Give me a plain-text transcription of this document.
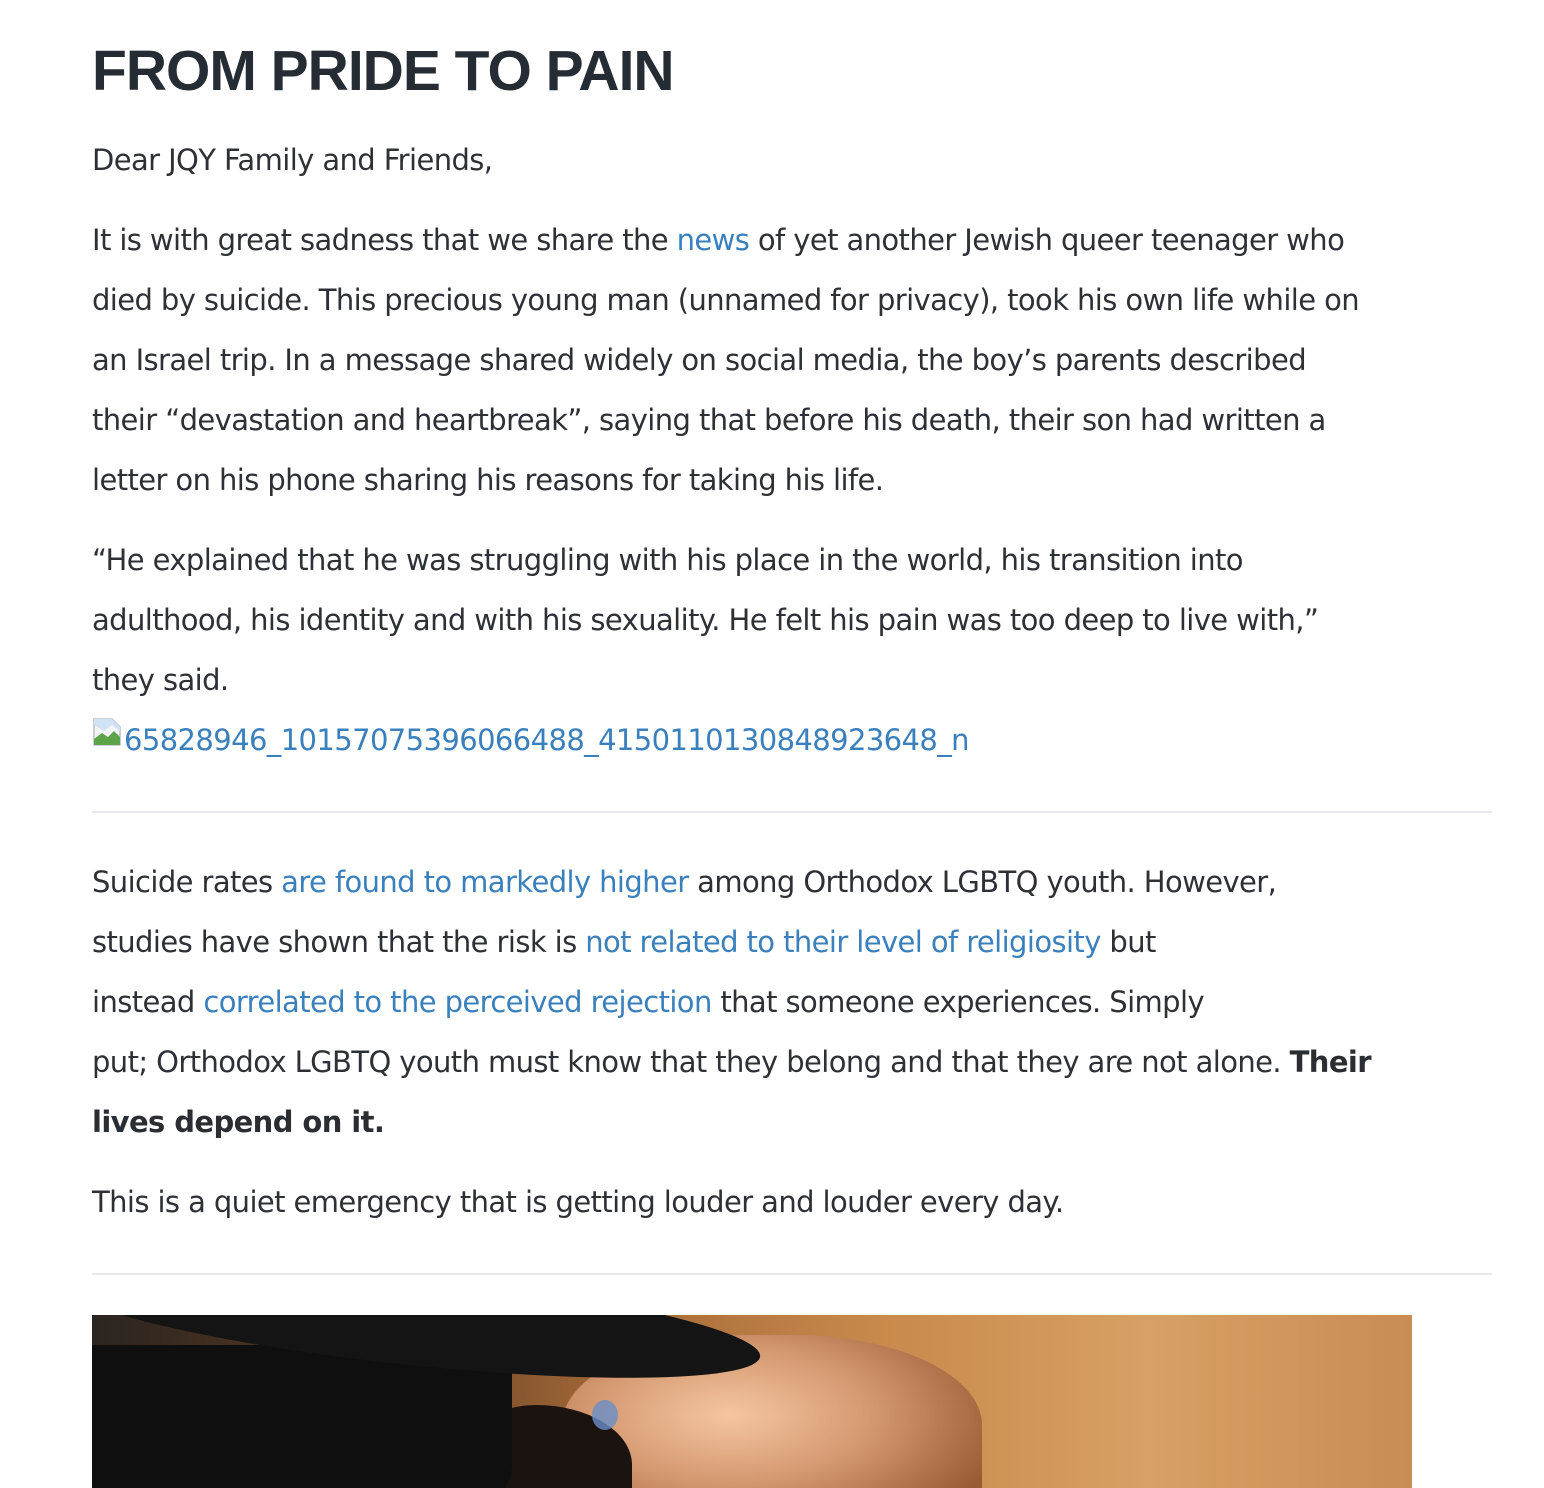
FROM PRIDE TO PAIN

Dear JQY Family and Friends,

It is with great sadness that we share the news of yet another Jewish queer teenager who

died by suicide. This precious young man (unnamed for privacy), took his own life while on

an Israel trip. In a message shared widely on social media, the boy’s parents described

their “devastation and heartbreak”, saying that before his death, their son had written a

letter on his phone sharing his reasons for taking his life.

“He explained that he was struggling with his place in the world, his transition into

adulthood, his identity and with his sexuality. He felt his pain was too deep to live with,”

they said.

65828946_10157075396066488_4150110130848923648_n

Suicide rates are found to markedly higher among Orthodox LGBTQ youth. However,

studies have shown that the risk is not related to their level of religiosity but

instead correlated to the perceived rejection that someone experiences. Simply

put; Orthodox LGBTQ youth must know that they belong and that they are not alone. Their

lives depend on it.

This is a quiet emergency that is getting louder and louder every day.
